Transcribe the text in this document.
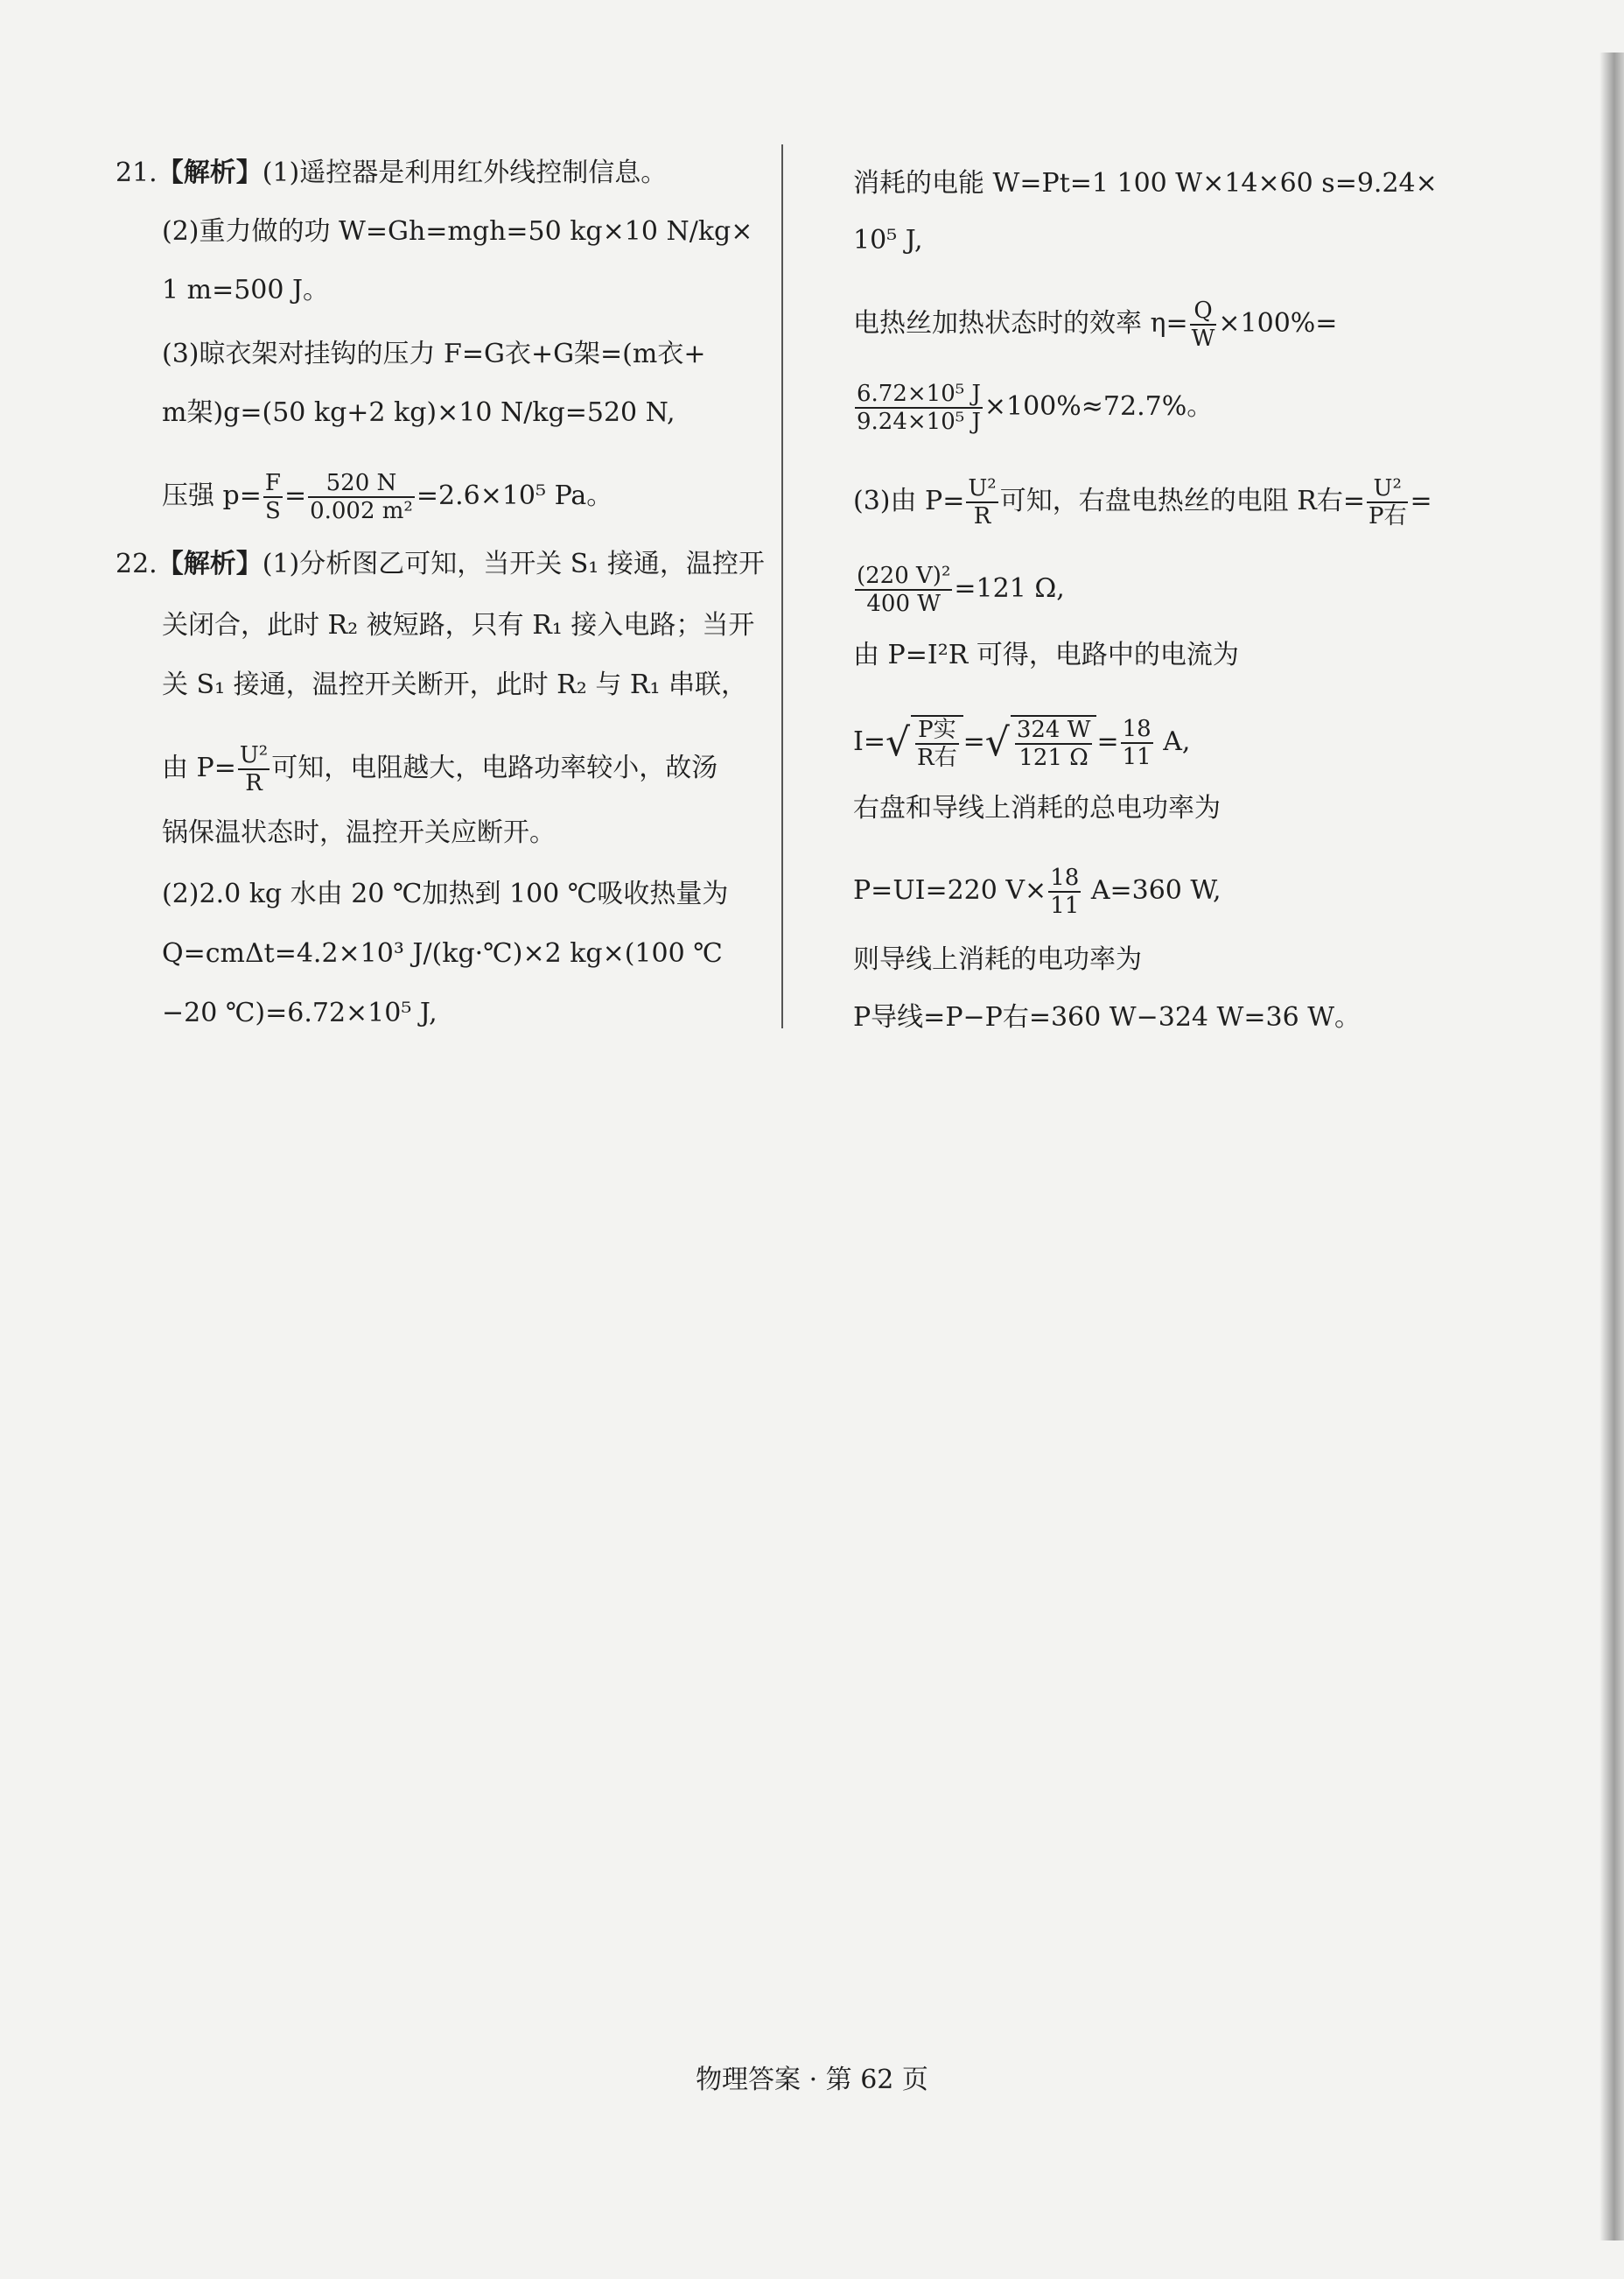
21.【解析】(1)遥控器是利用红外线控制信息。
(2)重力做的功 W=Gh=mgh=50 kg×10 N/kg×
1 m=500 J。
(3)晾衣架对挂钩的压力 F=G衣+G架=(m衣+
m架)g=(50 kg+2 kg)×10 N/kg=520 N,
压强 $p= \frac{F}{S} = \frac{520 N}{\text{0.002 m²}} =2.6\times 10^5$ Pa。
22.【解析】(1)分析图乙可知，当开关 S₁ 接通，温控开
关闭合，此时 R₂ 被短路，只有 R₁ 接入电路；当开
关 S₁ 接通，温控开关断开，此时 R₂ 与 R₁ 串联，
由 $P= \frac{\text{U²}}{R}$ 可知，电阻越大，电路功率较小，故汤
锅保温状态时，温控开关应断开。
(2)2.0 kg 水由 20 ℃加热到 100 ℃吸收热量为
Q=cmΔt=4.2×10³ J/(kg·℃)×2 kg×(100 ℃
−20 ℃)=6.72×10⁵ J,
消耗的电能 W=Pt=1 100 W×14×60 s=9.24×
10⁵ J,
电热丝加热状态时的效率 $\eta= \frac{Q}{W} \times 100\%=$
$\frac{\text{6.72×10⁵ J}}{\text{9.24×10⁵ J}} \times 100\%\approx 72.7\%$。
(3)由 $P= \frac{\text{U²}}{R}$ 可知，右盘电热丝的电阻 R右= $\frac{\text{U²}}{\text{P右}}$ =
$\frac{\text{(220 V)²}}{400 W} =121$ Ω,
由 P=I²R 可得，电路中的电流为
$I=√ \frac{\text{P实}}{\text{R右}}$ =√ $\frac{324 W}{121 \Omega} = \frac{18}{11} A$,
右盘和导线上消耗的总电功率为
P=UI=220 $V\times \frac{18}{11} A=360$ W,
则导线上消耗的电功率为
P导线=P−P右=360 W−324 W=36 W。
物理答案 · 第 62 页
